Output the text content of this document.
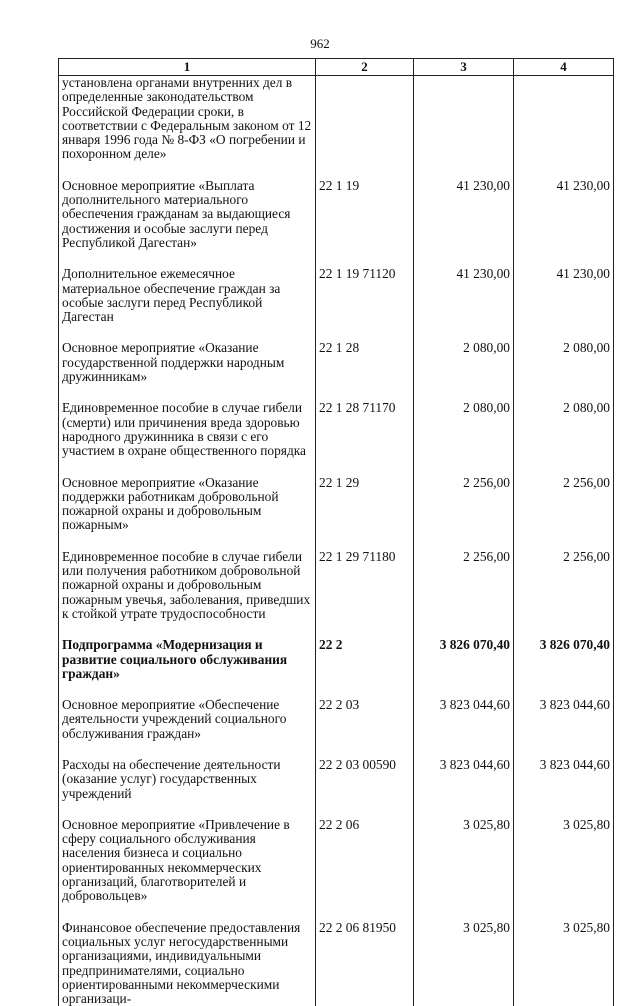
962
1	2	3	4
установлена органами внутренних дел в определенные законодательством Российской Федерации сроки, в соответствии с Федеральным законом от 12 января 1996 года № 8-ФЗ «О погребении и похоронном деле»			

Основное мероприятие «Выплата дополнительного материального обеспечения гражданам за выдающиеся достижения и особые заслуги перед Республикой Дагестан»	22 1 19	41 230,00	41 230,00

Дополнительное ежемесячное материальное обеспечение граждан за особые заслуги перед Республикой Дагестан	22 1 19 71120	41 230,00	41 230,00

Основное мероприятие «Оказание государственной поддержки народным дружинникам»	22 1 28	2 080,00	2 080,00

Единовременное пособие в случае гибели (смерти) или причинения вреда здоровью народного дружинника в связи с его участием в охране общественного порядка	22 1 28 71170	2 080,00	2 080,00

Основное мероприятие «Оказание поддержки работникам добровольной пожарной охраны и добровольным пожарным»	22 1 29	2 256,00	2 256,00

Единовременное пособие в случае гибели или получения работником добровольной пожарной охраны и добровольным пожарным увечья, заболевания, приведших к стойкой утрате трудоспособности	22 1 29 71180	2 256,00	2 256,00

Подпрограмма «Модернизация и развитие социального обслуживания граждан»	22 2	3 826 070,40	3 826 070,40

Основное мероприятие «Обеспечение деятельности учреждений социального обслуживания граждан»	22 2 03	3 823 044,60	3 823 044,60

Расходы на обеспечение деятельности (оказание услуг) государственных учреждений	22 2 03 00590	3 823 044,60	3 823 044,60

Основное мероприятие «Привлечение в сферу социального обслуживания населения бизнеса и социально ориентированных некоммерческих организаций, благотворителей и добровольцев»	22 2 06	3 025,80	3 025,80

Финансовое обеспечение предоставления социальных услуг негосударственными организациями, индивидуальными предпринимателями, социально ориентированными некоммерческими организаци-	22 2 06 81950	3 025,80	3 025,80
